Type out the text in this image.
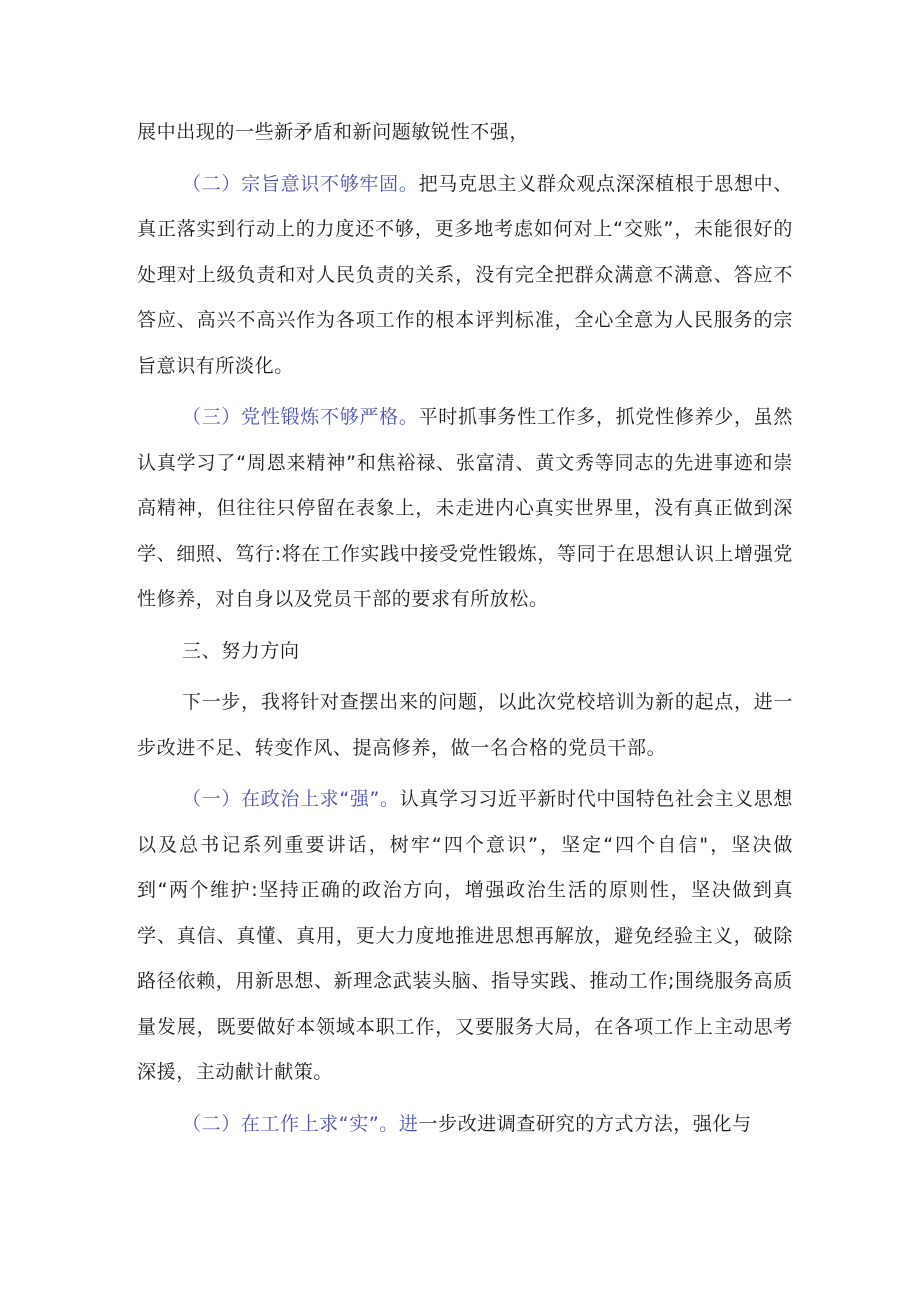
展中出现的一些新矛盾和新问题敏锐性不强，

（二）宗旨意识不够牢固。把马克思主义群众观点深深植根于思想中、真正落实到行动上的力度还不够，更多地考虑如何对上“交账”，未能很好的处理对上级负责和对人民负责的关系，没有完全把群众满意不满意、答应不答应、高兴不高兴作为各项工作的根本评判标准，全心全意为人民服务的宗旨意识有所淡化。

（三）党性锻炼不够严格。平时抓事务性工作多，抓党性修养少，虽然认真学习了“周恩来精神”和焦裕禄、张富清、黄文秀等同志的先进事迹和崇高精神，但往往只停留在表象上，未走进内心真实世界里，没有真正做到深学、细照、笃行:将在工作实践中接受党性锻炼，等同于在思想认识上增强党性修养，对自身以及党员干部的要求有所放松。

三、努力方向

下一步，我将针对查摆出来的问题，以此次党校培训为新的起点，进一步改进不足、转变作风、提高修养，做一名合格的党员干部。

（一）在政治上求“强”。认真学习习近平新时代中国特色社会主义思想以及总书记系列重要讲话，树牢“四个意识”，坚定“四个自信"，坚决做到“两个维护:坚持正确的政治方向，增强政治生活的原则性，坚决做到真学、真信、真懂、真用，更大力度地推进思想再解放，避免经验主义，破除路径依赖，用新思想、新理念武装头脑、指导实践、推动工作;围绕服务高质量发展，既要做好本领域本职工作，又要服务大局，在各项工作上主动思考深援，主动献计献策。

（二）在工作上求“实”。进一步改进调查研究的方式方法，强化与
